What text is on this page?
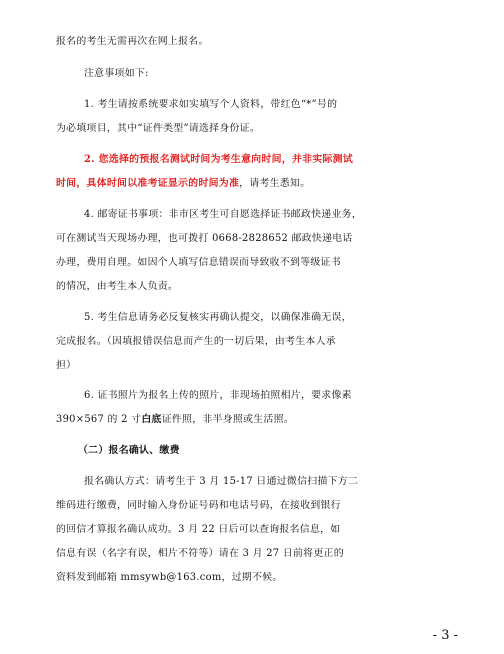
报名的考生无需再次在网上报名。
注意事项如下:
1. 考生请按系统要求如实填写个人资料，带红色“*”号的
为必填项目，其中“证件类型”请选择身份证。
2. 您选择的预报名测试时间为考生意向时间，并非实际测试
时间，具体时间以准考证显示的时间为准，请考生悉知。
4. 邮寄证书事项：非市区考生可自愿选择证书邮政快递业务，
可在测试当天现场办理，也可拨打 0668-2828652 邮政快递电话
办理，费用自理。如因个人填写信息错误而导致收不到等级证书
的情况，由考生本人负责。
5. 考生信息请务必反复核实再确认提交，以确保准确无误，
完成报名。（因填报错误信息而产生的一切后果，由考生本人承
担）
6. 证书照片为报名上传的照片，非现场拍照相片，要求像素
390×567 的 2 寸白底证件照，非半身照或生活照。
（二）报名确认、缴费
报名确认方式：请考生于 3 月 15-17 日通过微信扫描下方二
维码进行缴费，同时输入身份证号码和电话号码，在接收到银行
的回信才算报名确认成功。3 月 22 日后可以查询报名信息，如
信息有误（名字有误，相片不符等）请在 3 月 27 日前将更正的
资料发到邮箱 mmsywb@163.com，过期不候。
- 3 -
